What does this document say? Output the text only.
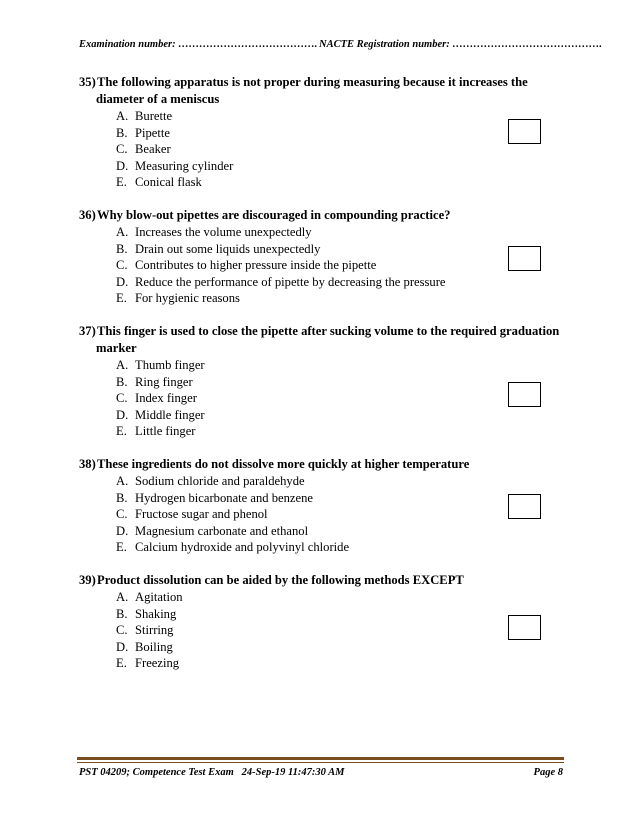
Examination number: …………………………………. NACTE Registration number: …………………………………….
35)The following apparatus is not proper during measuring because it increases the
diameter of a meniscus
A. Burette
B. Pipette
C. Beaker
D. Measuring cylinder
E. Conical flask
36)Why blow-out pipettes are discouraged in compounding practice?
A. Increases the volume unexpectedly
B. Drain out some liquids unexpectedly
C. Contributes to higher pressure inside the pipette
D. Reduce the performance of pipette by decreasing the pressure
E. For hygienic reasons
37)This finger is used to close the pipette after sucking volume to the required graduation
marker
A. Thumb finger
B. Ring finger
C. Index finger
D. Middle finger
E. Little finger
38)These ingredients do not dissolve more quickly at higher temperature
A. Sodium chloride and paraldehyde
B. Hydrogen bicarbonate and benzene
C. Fructose sugar and phenol
D. Magnesium carbonate and ethanol
E. Calcium hydroxide and polyvinyl chloride
39)Product dissolution can be aided by the following methods EXCEPT
A. Agitation
B. Shaking
C. Stirring
D. Boiling
E. Freezing
PST 04209; Competence Test Exam   24-Sep-19 11:47:30 AM	Page 8
